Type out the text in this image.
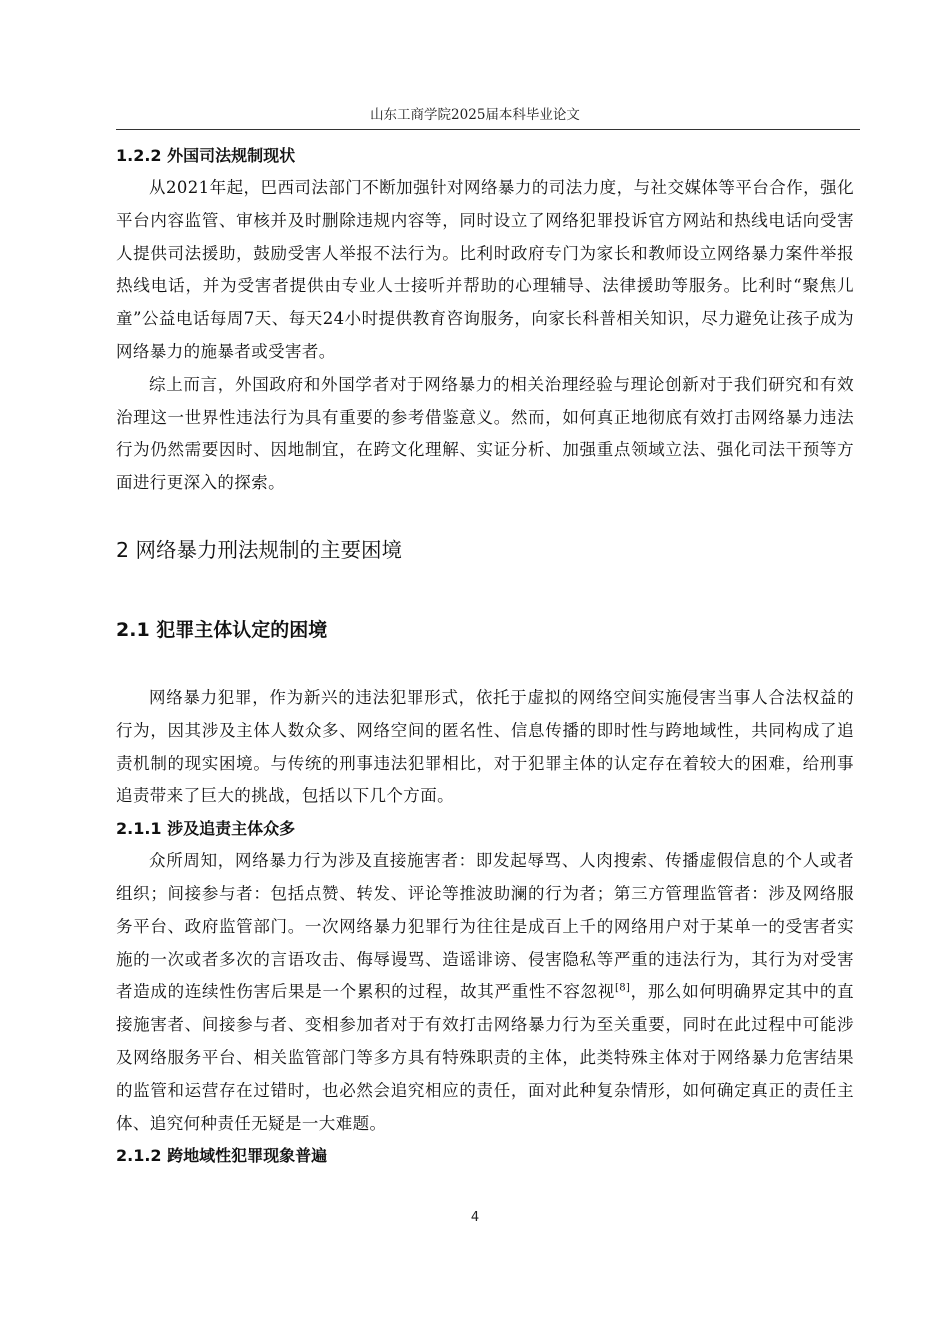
山东工商学院2025届本科毕业论文
1.2.2 外国司法规制现状

从2021年起，巴西司法部门不断加强针对网络暴力的司法力度，与社交媒体等平台合作，强化平台内容监管、审核并及时删除违规内容等，同时设立了网络犯罪投诉官方网站和热线电话向受害人提供司法援助，鼓励受害人举报不法行为。比利时政府专门为家长和教师设立网络暴力案件举报热线电话，并为受害者提供由专业人士接听并帮助的心理辅导、法律援助等服务。比利时“聚焦儿童”公益电话每周7天、每天24小时提供教育咨询服务，向家长科普相关知识，尽力避免让孩子成为网络暴力的施暴者或受害者。

综上而言，外国政府和外国学者对于网络暴力的相关治理经验与理论创新对于我们研究和有效治理这一世界性违法行为具有重要的参考借鉴意义。然而，如何真正地彻底有效打击网络暴力违法行为仍然需要因时、因地制宜，在跨文化理解、实证分析、加强重点领域立法、强化司法干预等方面进行更深入的探索。

2 网络暴力刑法规制的主要困境
2.1 犯罪主体认定的困境

网络暴力犯罪，作为新兴的违法犯罪形式，依托于虚拟的网络空间实施侵害当事人合法权益的行为，因其涉及主体人数众多、网络空间的匿名性、信息传播的即时性与跨地域性，共同构成了追责机制的现实困境。与传统的刑事违法犯罪相比，对于犯罪主体的认定存在着较大的困难，给刑事追责带来了巨大的挑战，包括以下几个方面。

2.1.1 涉及追责主体众多

众所周知，网络暴力行为涉及直接施害者：即发起辱骂、人肉搜索、传播虚假信息的个人或者组织；间接参与者：包括点赞、转发、评论等推波助澜的行为者；第三方管理监管者：涉及网络服务平台、政府监管部门。一次网络暴力犯罪行为往往是成百上千的网络用户对于某单一的受害者实施的一次或者多次的言语攻击、侮辱谩骂、造谣诽谤、侵害隐私等严重的违法行为，其行为对受害者造成的连续性伤害后果是一个累积的过程，故其严重性不容忽视[8]，那么如何明确界定其中的直接施害者、间接参与者、变相参加者对于有效打击网络暴力行为至关重要，同时在此过程中可能涉及网络服务平台、相关监管部门等多方具有特殊职责的主体，此类特殊主体对于网络暴力危害结果的监管和运营存在过错时，也必然会追究相应的责任，面对此种复杂情形，如何确定真正的责任主体、追究何种责任无疑是一大难题。

2.1.2 跨地域性犯罪现象普遍
4
